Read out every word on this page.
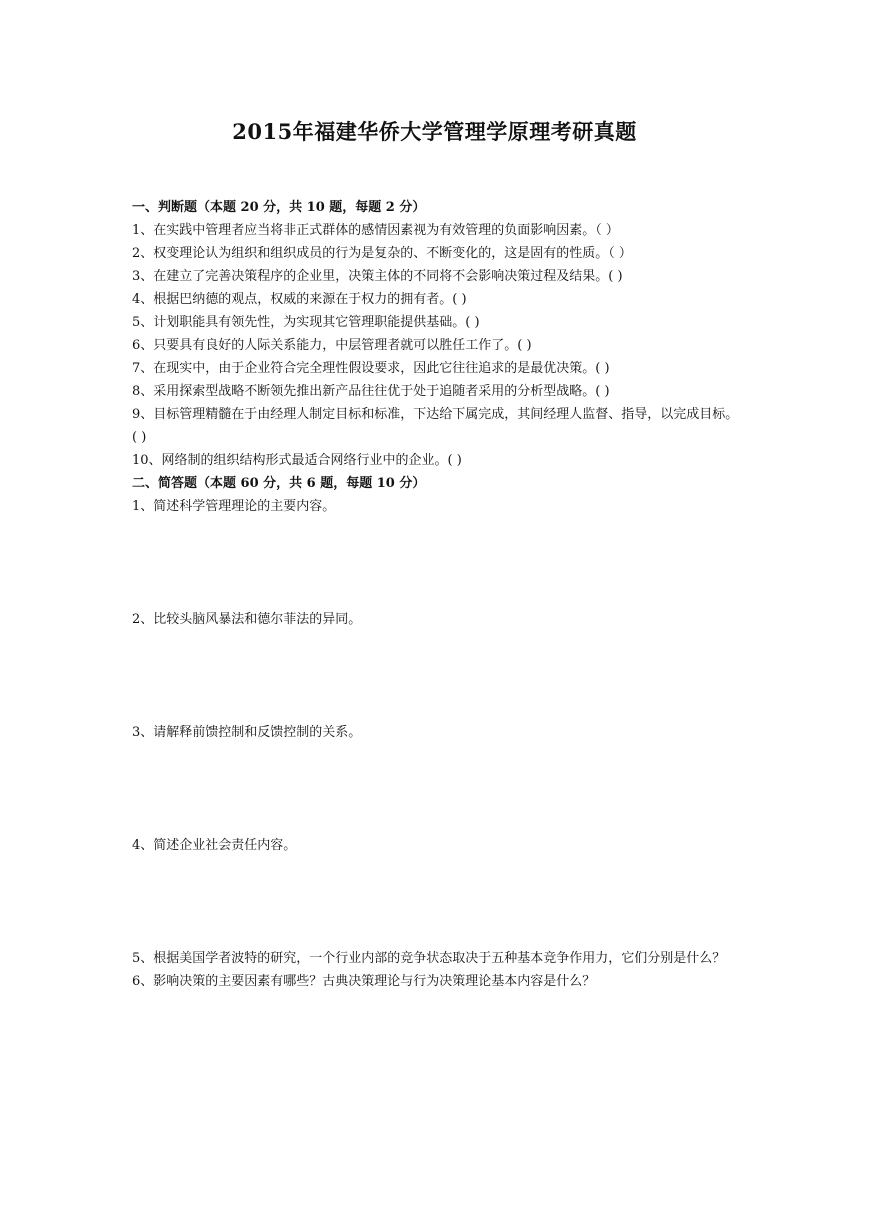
2015年福建华侨大学管理学原理考研真题

一、判断题（本题 20 分，共 10 题，每题 2 分）

1、在实践中管理者应当将非正式群体的感情因素视为有效管理的负面影响因素。（ ）

2、权变理论认为组织和组织成员的行为是复杂的、不断变化的，这是固有的性质。（ ）

3、在建立了完善决策程序的企业里，决策主体的不同将不会影响决策过程及结果。( )

4、根据巴纳德的观点，权威的来源在于权力的拥有者。( )

5、计划职能具有领先性，为实现其它管理职能提供基础。( )

6、只要具有良好的人际关系能力，中层管理者就可以胜任工作了。( )

7、在现实中，由于企业符合完全理性假设要求，因此它往往追求的是最优决策。( )

8、采用探索型战略不断领先推出新产品往往优于处于追随者采用的分析型战略。( )

9、目标管理精髓在于由经理人制定目标和标准，下达给下属完成，其间经理人监督、指导，以完成目标。( )

10、网络制的组织结构形式最适合网络行业中的企业。( )

二、简答题（本题 60 分，共 6 题，每题 10 分）

1、简述科学管理理论的主要内容。

2、比较头脑风暴法和德尔菲法的异同。

3、请解释前馈控制和反馈控制的关系。

4、简述企业社会责任内容。

5、根据美国学者波特的研究，一个行业内部的竞争状态取决于五种基本竞争作用力，它们分别是什么？

6、影响决策的主要因素有哪些？古典决策理论与行为决策理论基本内容是什么？
